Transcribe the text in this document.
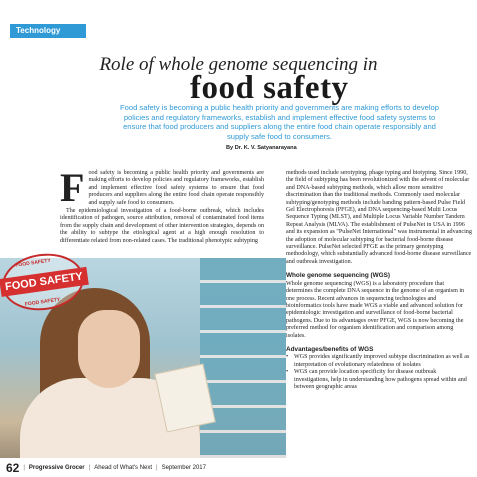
Technology
Role of whole genome sequencing in
food safety
Food safety is becoming a public health priority and governments are making efforts to develop policies and regulatory frameworks, establish and implement effective food safety systems to ensure that food producers and suppliers along the entire food chain operate responsibly and supply safe food to consumers.
By Dr. K. V. Satyanarayana
F ood safety is becoming a public health priority and governments are making efforts to develop policies and regulatory frameworks, establish and implement effective food safety systems to ensure that food producers and suppliers along the entire food chain operate responsibly and supply safe food to consumers.

The epidemiological investigation of a food-borne outbreak, which includes identification of pathogen, source attribution, removal of contaminated food items from the supply chain and development of other intervention strategies, depends on the ability to subtype the etiological agent at a high enough resolution to differentiate related from non-related cases. The traditional phenotypic subtyping

methods used include serotyping, phage typing and biotyping. Since 1990, the field of subtyping has been revolutionized with the advent of molecular and DNA-based subtyping methods, which allow more sensitive discrimination than the traditional methods. Commonly used molecular subtyping/genotyping methods include banding pattern-based Pulse Field Gel Electrophoresis (PFGE), and DNA sequencing-based Multi Locus Sequence Typing (MLST), and Multiple Locus Variable Number Tandem Repeat Analysis (MLVA). The establishment of PulseNet in USA in 1996 and its expansion as "PulseNet International" was instrumental in advancing the adoption of molecular subtyping for bacterial food-borne disease surveillance. PulseNet selected PFGE as the primary genotyping methodology, which substantially advanced food-borne disease surveillance and outbreak investigation.

Whole genome sequencing (WGS)

Whole genome sequencing (WGS) is a laboratory procedure that determines the complete DNA sequence in the genome of an organism in one process. Recent advances in sequencing technologies and bioinformatics tools have made WGS a viable and advanced solution for epidemiologic investigation and surveillance of food-borne bacterial pathogens. Due to its advantages over PFGE, WGS is now becoming the preferred method for organism identification and comparison among isolates.

Advantages/benefits of WGS
• WGS provides significantly improved subtype discrimination as well as interpretation of evolutionary relatedness of isolates
• WGS can provide location specificity for disease outbreak investigations, help in understanding how pathogens spread within and between geographic areas
FOOD SAFETY
FOOD SAFETY
FOOD SAFETY
62 | Progressive Grocer | Ahead of What's Next | September 2017
